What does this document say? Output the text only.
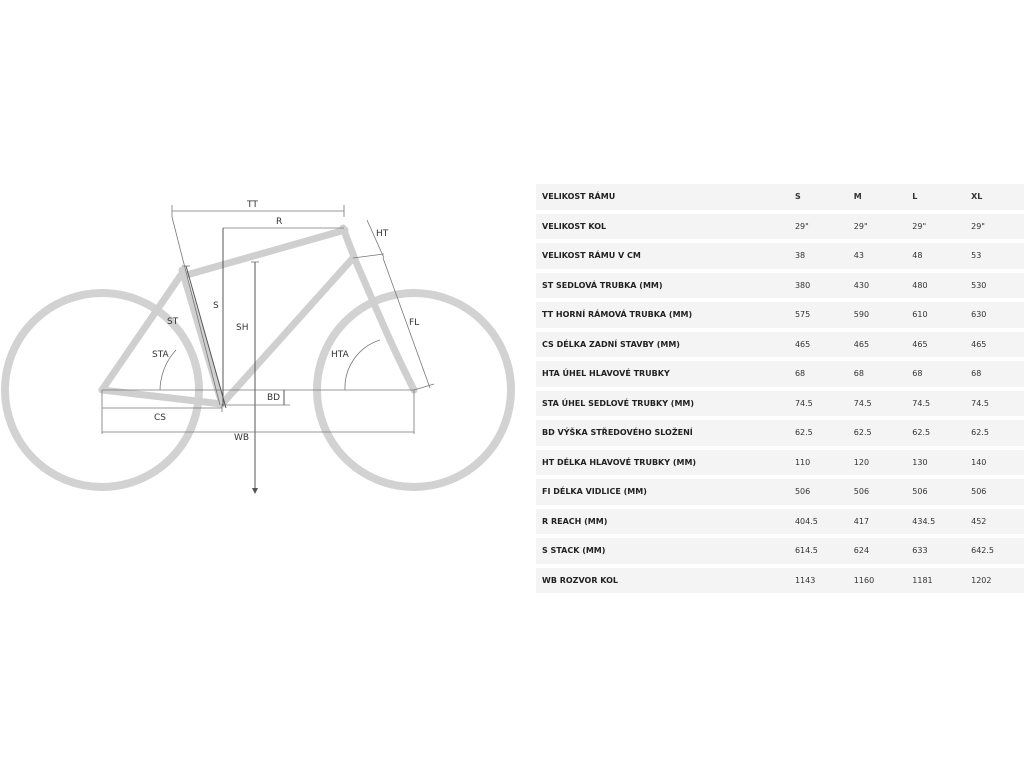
TT
R
HT
S
SH
ST
STA
FL
HTA
BD
CS
WB
VELIKOST RÁMU	S	M	L	XL
VELIKOST KOL	29"	29"	29"	29"
VELIKOST RÁMU V CM	38	43	48	53
ST SEDLOVÁ TRUBKA (MM)	380	430	480	530
TT HORNÍ RÁMOVÁ TRUBKA (MM)	575	590	610	630
CS DÉLKA ZADNÍ STAVBY (MM)	465	465	465	465
HTA ÚHEL HLAVOVÉ TRUBKY	68	68	68	68
STA ÚHEL SEDLOVÉ TRUBKY (MM)	74.5	74.5	74.5	74.5
BD VÝŠKA STŘEDOVÉHO SLOŽENÍ	62.5	62.5	62.5	62.5
HT DÉLKA HLAVOVÉ TRUBKY (MM)	110	120	130	140
FI DÉLKA VIDLICE (MM)	506	506	506	506
R REACH (MM)	404.5	417	434.5	452
S STACK (MM)	614.5	624	633	642.5
WB ROZVOR KOL	1143	1160	1181	1202
